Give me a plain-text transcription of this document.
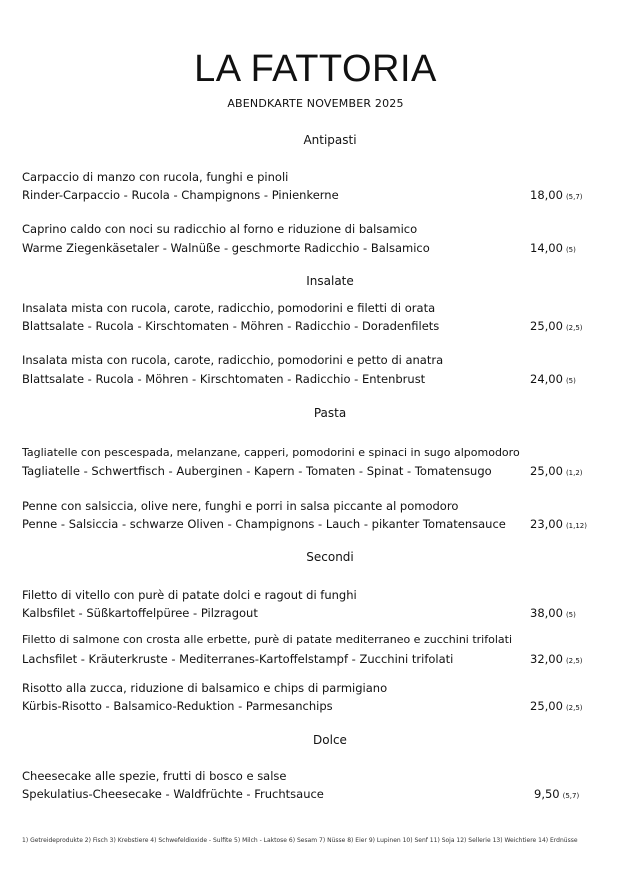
LA FATTORIA
ABENDKARTE NOVEMBER 2025
Antipasti
Carpaccio di manzo con rucola, funghi e pinoli
Rinder-Carpaccio - Rucola - Champignons - Pinienkerne	18,00 (5,7)
Caprino caldo con noci su radicchio al forno e riduzione di balsamico
Warme Ziegenkäsetaler - Walnüße - geschmorte Radicchio - Balsamico	14,00 (5)
Insalate
Insalata mista con rucola, carote, radicchio, pomodorini e filetti di orata
Blattsalate - Rucola - Kirschtomaten - Möhren - Radicchio - Doradenfilets	25,00 (2,5)
Insalata mista con rucola, carote, radicchio, pomodorini e petto di anatra
Blattsalate - Rucola - Möhren - Kirschtomaten - Radicchio - Entenbrust	24,00 (5)
Pasta
Tagliatelle con pescespada, melanzane, capperi, pomodorini e spinaci in sugo alpomodoro
Tagliatelle - Schwertfisch - Auberginen - Kapern - Tomaten - Spinat - Tomatensugo	25,00 (1,2)
Penne con salsiccia, olive nere, funghi e porri in salsa piccante al pomodoro
Penne - Salsiccia - schwarze Oliven - Champignons - Lauch - pikanter Tomatensauce 23,00 (1,12)
Secondi
Filetto di vitello con purè di patate dolci e ragout di funghi
Kalbsfilet - Süßkartoffelpüree - Pilzragout	38,00 (5)
Filetto di salmone con crosta alle erbette, purè di patate mediterraneo e zucchini trifolati
Lachsfilet - Kräuterkruste - Mediterranes-Kartoffelstampf - Zucchini trifolati	32,00 (2,5)
Risotto alla zucca, riduzione di balsamico e chips di parmigiano
Kürbis-Risotto - Balsamico-Reduktion - Parmesanchips	25,00 (2,5)
Dolce
Cheesecake alle spezie, frutti di bosco e salse
Spekulatius-Cheesecake - Waldfrüchte - Fruchtsauce	9,50 (5,7)
1) Getreideprodukte 2) Fisch 3) Krebstiere 4) Schwefeldioxide - Sulfite 5) Milch - Laktose 6) Sesam 7) Nüsse 8) Eier 9) Lupinen 10) Senf 11) Soja 12) Sellerie 13) Weichtiere 14) Erdnüsse
